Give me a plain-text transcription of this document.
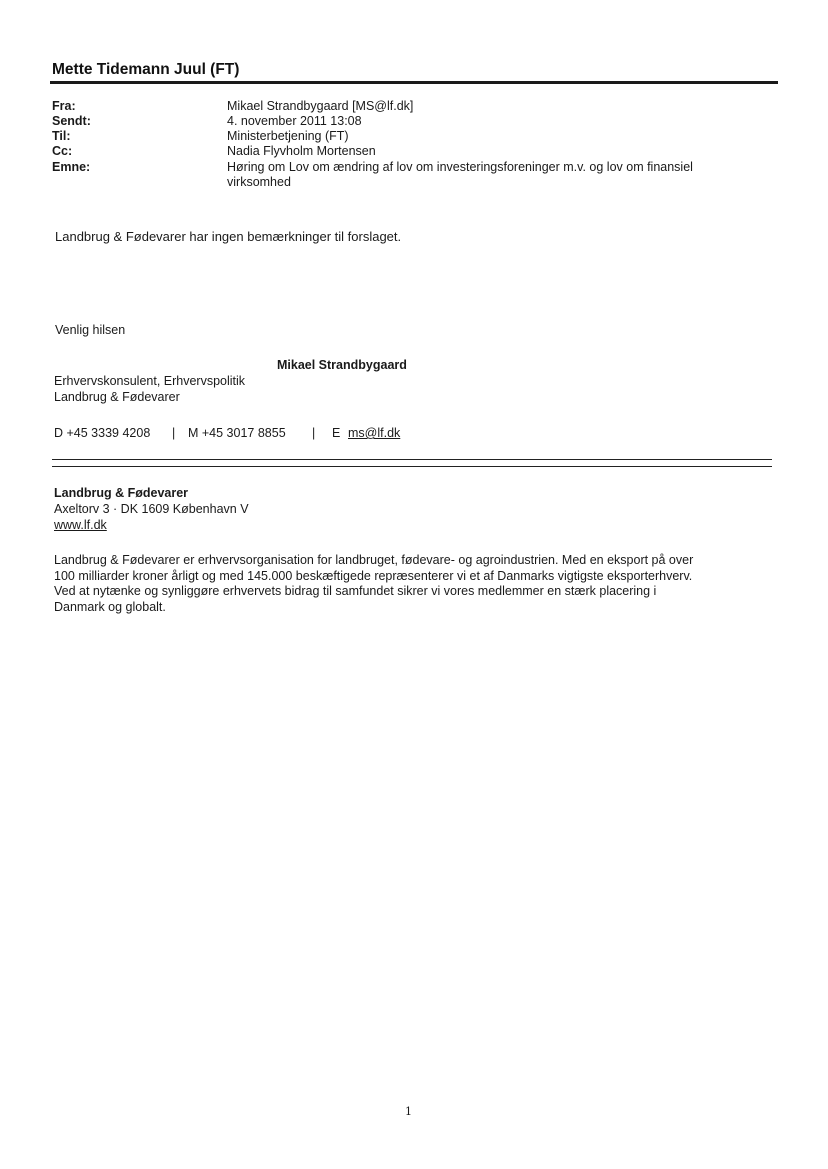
Mette Tidemann Juul (FT)
Fra:	Mikael Strandbygaard [MS@lf.dk]
Sendt:	4. november 2011 13:08
Til:	Ministerbetjening (FT)
Cc:	Nadia Flyvholm Mortensen
Emne:	Høring om Lov om ændring af lov om investeringsforeninger m.v. og lov om finansiel
virksomhed
Landbrug & Fødevarer har ingen bemærkninger til forslaget.
Venlig hilsen
Mikael Strandbygaard
Erhvervskonsulent, Erhvervspolitik
Landbrug & Fødevarer
D +45 3339 4208 | M +45 3017 8855 | E ms@lf.dk
Landbrug & Fødevarer
Axeltorv 3 · DK 1609 København V
www.lf.dk
Landbrug & Fødevarer er erhvervsorganisation for landbruget, fødevare- og agroindustrien. Med en eksport på over
100 milliarder kroner årligt og med 145.000 beskæftigede repræsenterer vi et af Danmarks vigtigste eksporterhverv.
Ved at nytænke og synliggøre erhvervets bidrag til samfundet sikrer vi vores medlemmer en stærk placering i
Danmark og globalt.
1
